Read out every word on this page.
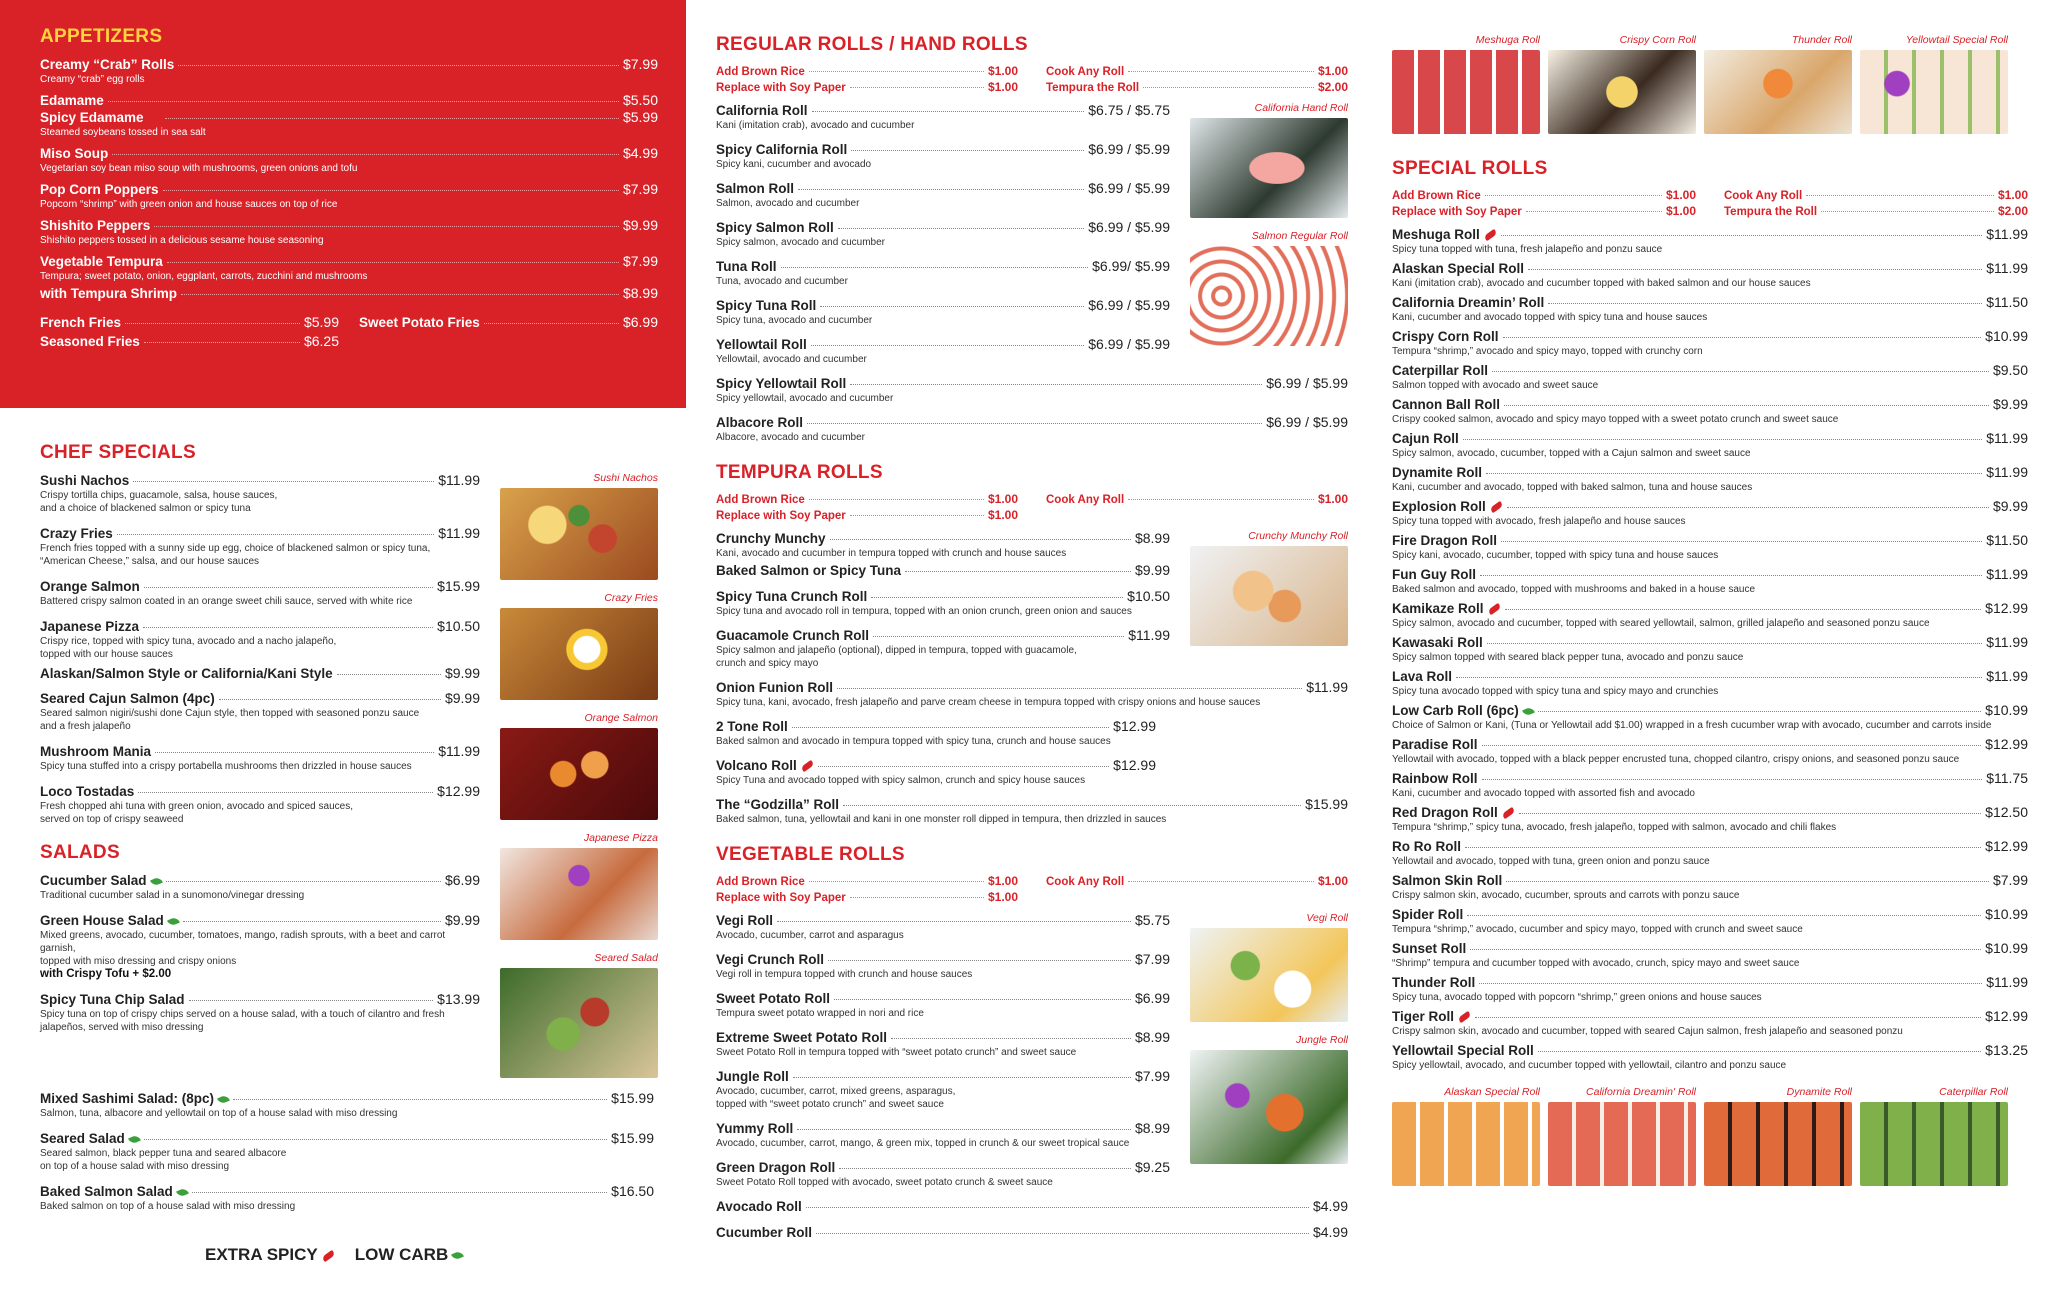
APPETIZERS
Creamy “Crab” Rolls	$7.99
Creamy “crab” egg rolls
Edamame	$5.50
Spicy Edamame	$5.99
Steamed soybeans tossed in sea salt
Miso Soup	$4.99
Vegetarian soy bean miso soup with mushrooms, green onions and tofu
Pop Corn Poppers	$7.99
Popcorn “shrimp” with green onion and house sauces on top of rice
Shishito Peppers	$9.99
Shishito peppers tossed in a delicious sesame house seasoning
Vegetable Tempura	$7.99
Tempura; sweet potato, onion, eggplant, carrots, zucchini and mushrooms
with Tempura Shrimp	$8.99
French Fries	$5.99 Sweet Potato Fries	$6.99
Seasoned Fries	$6.25
CHEF SPECIALS
Sushi Nachos	$11.99
Crispy tortilla chips, guacamole, salsa, house sauces,
and a choice of blackened salmon or spicy tuna
Crazy Fries	$11.99
French fries topped with a sunny side up egg, choice of blackened salmon or spicy tuna,
“American Cheese,” salsa, and our house sauces
Orange Salmon	$15.99
Battered crispy salmon coated in an orange sweet chili sauce, served with white rice
Japanese Pizza	$10.50
Crispy rice, topped with spicy tuna, avocado and a nacho jalapeño,
topped with our house sauces
Alaskan/Salmon Style or California/Kani Style	$9.99
Seared Cajun Salmon (4pc)	$9.99
Seared salmon nigiri/sushi done Cajun style, then topped with seasoned ponzu sauce
and a fresh jalapeño
Mushroom Mania	$11.99
Spicy tuna stuffed into a crispy portabella mushrooms then drizzled in house sauces
Loco Tostadas	$12.99
Fresh chopped ahi tuna with green onion, avocado and spiced sauces,
served on top of crispy seaweed
SALADS
Cucumber Salad	$6.99
Traditional cucumber salad in a sunomono/vinegar dressing
Green House Salad	$9.99
Mixed greens, avocado, cucumber, tomatoes, mango, radish sprouts, with a beet and carrot
garnish,
topped with miso dressing and crispy onions
with Crispy Tofu + $2.00
Spicy Tuna Chip Salad	$13.99
Spicy tuna on top of crispy chips served on a house salad, with a touch of cilantro and fresh
jalapeños, served with miso dressing
Sushi Nachos
Crazy Fries
Orange Salmon
Japanese Pizza
Seared Salad
Mixed Sashimi Salad: (8pc)	$15.99
Salmon, tuna, albacore and yellowtail on top of a house salad with miso dressing
Seared Salad	$15.99
Seared salmon, black pepper tuna and seared albacore
on top of a house salad with miso dressing
Baked Salmon Salad	$16.50
Baked salmon on top of a house salad with miso dressing
EXTRA SPICY	LOW CARB
REGULAR ROLLS / HAND ROLLS
Add Brown Rice	$1.00 Cook Any Roll	$1.00
Replace with Soy Paper	$1.00 Tempura the Roll	$2.00
California Roll	$6.75 / $5.75
Kani (imitation crab), avocado and cucumber
Spicy California Roll	$6.99 / $5.99
Spicy kani, cucumber and avocado
Salmon Roll	$6.99 / $5.99
Salmon, avocado and cucumber
Spicy Salmon Roll	$6.99 / $5.99
Spicy salmon, avocado and cucumber
Tuna Roll	$6.99/ $5.99
Tuna, avocado and cucumber
Spicy Tuna Roll	$6.99 / $5.99
Spicy tuna, avocado and cucumber
Yellowtail Roll	$6.99 / $5.99
Yellowtail, avocado and cucumber
California Hand Roll
Salmon Regular Roll
Spicy Yellowtail Roll	$6.99 / $5.99
Spicy yellowtail, avocado and cucumber
Albacore Roll	$6.99 / $5.99
Albacore, avocado and cucumber
TEMPURA ROLLS
Add Brown Rice	$1.00 Cook Any Roll	$1.00
Replace with Soy Paper	$1.00
Crunchy Munchy	$8.99
Kani, avocado and cucumber in tempura topped with crunch and house sauces
Baked Salmon or Spicy Tuna	$9.99
Spicy Tuna Crunch Roll	$10.50
Spicy tuna and avocado roll in tempura, topped with an onion crunch, green onion and sauces
Guacamole Crunch Roll	$11.99
Spicy salmon and jalapeño (optional), dipped in tempura, topped with guacamole,
crunch and spicy mayo
Crunchy Munchy Roll
Onion Funion Roll	$11.99
Spicy tuna, kani, avocado, fresh jalapeño and parve cream cheese in tempura topped with crispy onions and house sauces
2 Tone Roll	$12.99
Baked salmon and avocado in tempura topped with spicy tuna, crunch and house sauces
Volcano Roll	$12.99
Spicy Tuna and avocado topped with spicy salmon, crunch and spicy house sauces
The “Godzilla” Roll	$15.99
Baked salmon, tuna, yellowtail and kani in one monster roll dipped in tempura, then drizzled in sauces
VEGETABLE ROLLS
Add Brown Rice	$1.00 Cook Any Roll	$1.00
Replace with Soy Paper	$1.00
Vegi Roll	$5.75
Avocado, cucumber, carrot and asparagus
Vegi Crunch Roll	$7.99
Vegi roll in tempura topped with crunch and house sauces
Sweet Potato Roll	$6.99
Tempura sweet potato wrapped in nori and rice
Extreme Sweet Potato Roll	$8.99
Sweet Potato Roll in tempura topped with “sweet potato crunch” and sweet sauce
Jungle Roll	$7.99
Avocado, cucumber, carrot, mixed greens, asparagus,
topped with “sweet potato crunch” and sweet sauce
Yummy Roll	$8.99
Avocado, cucumber, carrot, mango, & green mix, topped in crunch & our sweet tropical sauce
Green Dragon Roll	$9.25
Sweet Potato Roll topped with avocado, sweet potato crunch & sweet sauce
Vegi Roll
Jungle Roll
Avocado Roll	$4.99
Cucumber Roll	$4.99
Meshuga Roll	Crispy Corn Roll	Thunder Roll	Yellowtail Special Roll
SPECIAL ROLLS
Add Brown Rice	$1.00 Cook Any Roll	$1.00
Replace with Soy Paper	$1.00 Tempura the Roll	$2.00
Meshuga Roll	$11.99
Spicy tuna topped with tuna, fresh jalapeño and ponzu sauce
Alaskan Special Roll	$11.99
Kani (imitation crab), avocado and cucumber topped with baked salmon and our house sauces
California Dreamin’ Roll	$11.50
Kani, cucumber and avocado topped with spicy tuna and house sauces
Crispy Corn Roll	$10.99
Tempura “shrimp,” avocado and spicy mayo, topped with crunchy corn
Caterpillar Roll	$9.50
Salmon topped with avocado and sweet sauce
Cannon Ball Roll	$9.99
Crispy cooked salmon, avocado and spicy mayo topped with a sweet potato crunch and sweet sauce
Cajun Roll	$11.99
Spicy salmon, avocado, cucumber, topped with a Cajun salmon and sweet sauce
Dynamite Roll	$11.99
Kani, cucumber and avocado, topped with baked salmon, tuna and house sauces
Explosion Roll	$9.99
Spicy tuna topped with avocado, fresh jalapeño and house sauces
Fire Dragon Roll	$11.50
Spicy kani, avocado, cucumber, topped with spicy tuna and house sauces
Fun Guy Roll	$11.99
Baked salmon and avocado, topped with mushrooms and baked in a house sauce
Kamikaze Roll	$12.99
Spicy salmon, avocado and cucumber, topped with seared yellowtail, salmon, grilled jalapeño and seasoned ponzu sauce
Kawasaki Roll	$11.99
Spicy salmon topped with seared black pepper tuna, avocado and ponzu sauce
Lava Roll	$11.99
Spicy tuna avocado topped with spicy tuna and spicy mayo and crunchies
Low Carb Roll (6pc)	$10.99
Choice of Salmon or Kani, (Tuna or Yellowtail add $1.00) wrapped in a fresh cucumber wrap with avocado, cucumber and carrots inside
Paradise Roll	$12.99
Yellowtail with avocado, topped with a black pepper encrusted tuna, chopped cilantro, crispy onions, and seasoned ponzu sauce
Rainbow Roll	$11.75
Kani, cucumber and avocado topped with assorted fish and avocado
Red Dragon Roll	$12.50
Tempura “shrimp,” spicy tuna, avocado, fresh jalapeño, topped with salmon, avocado and chili flakes
Ro Ro Roll	$12.99
Yellowtail and avocado, topped with tuna, green onion and ponzu sauce
Salmon Skin Roll	$7.99
Crispy salmon skin, avocado, cucumber, sprouts and carrots with ponzu sauce
Spider Roll	$10.99
Tempura “shrimp,” avocado, cucumber and spicy mayo, topped with crunch and sweet sauce
Sunset Roll	$10.99
“Shrimp” tempura and cucumber topped with avocado, crunch, spicy mayo and sweet sauce
Thunder Roll	$11.99
Spicy tuna, avocado topped with popcorn “shrimp,” green onions and house sauces
Tiger Roll	$12.99
Crispy salmon skin, avocado and cucumber, topped with seared Cajun salmon, fresh jalapeño and seasoned ponzu
Yellowtail Special Roll	$13.25
Spicy yellowtail, avocado, and cucumber topped with yellowtail, cilantro and ponzu sauce
Alaskan Special Roll	California Dreamin' Roll	Dynamite Roll	Caterpillar Roll
